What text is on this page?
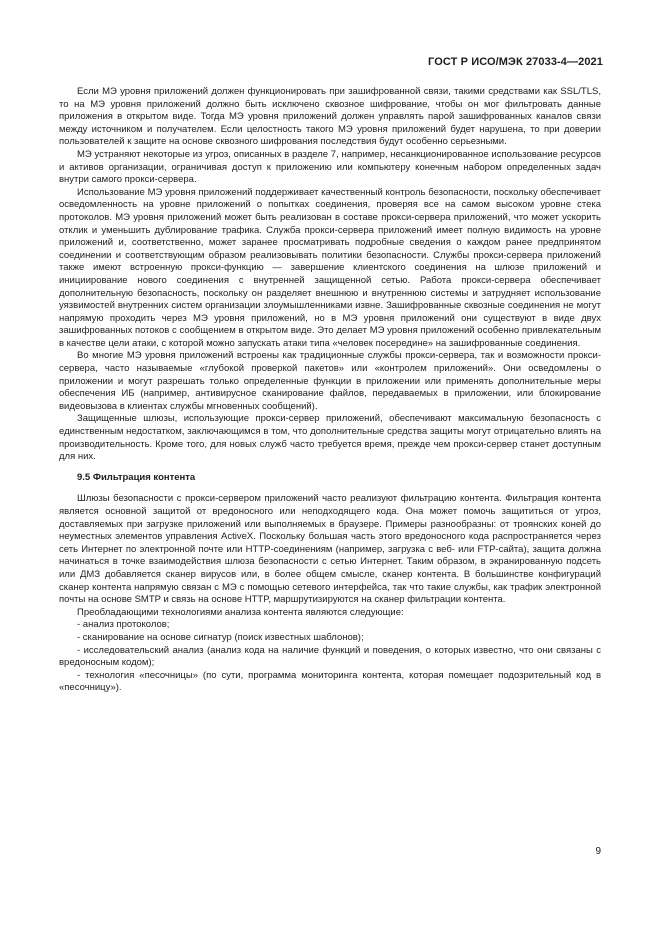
ГОСТ Р ИСО/МЭК 27033-4—2021

Если МЭ уровня приложений должен функционировать при зашифрованной связи, такими средствами как SSL/TLS, то на МЭ уровня приложений должно быть исключено сквозное шифрование, чтобы он мог фильтровать данные приложения в открытом виде. Тогда МЭ уровня приложений должен управлять парой зашифрованных каналов связи между источником и получателем. Если целостность такого МЭ уровня приложений будет нарушена, то при доверии пользователей к защите на основе сквозного шифрования последствия будут особенно серьезными.

МЭ устраняют некоторые из угроз, описанных в разделе 7, например, несанкционированное использование ресурсов и активов организации, ограничивая доступ к приложению или компьютеру конечным набором определенных задач внутри самого прокси-сервера.

Использование МЭ уровня приложений поддерживает качественный контроль безопасности, поскольку обеспечивает осведомленность на уровне приложений о попытках соединения, проверяя все на самом высоком уровне стека протоколов. МЭ уровня приложений может быть реализован в составе прокси-сервера приложений, что может ускорить отклик и уменьшить дублирование трафика. Служба прокси-сервера приложений имеет полную видимость на уровне приложений и, соответственно, может заранее просматривать подробные сведения о каждом ранее предпринятом соединении и соответствующим образом реализовывать политики безопасности. Службы прокси-сервера приложений также имеют встроенную прокси-функцию — завершение клиентского соединения на шлюзе приложений и инициирование нового соединения с внутренней защищенной сетью. Работа прокси-сервера обеспечивает дополнительную безопасность, поскольку он разделяет внешнюю и внутреннюю системы и затрудняет использование уязвимостей внутренних систем организации злоумышленниками извне. Зашифрованные сквозные соединения не могут напрямую проходить через МЭ уровня приложений, но в МЭ уровня приложений они существуют в виде двух зашифрованных потоков с сообщением в открытом виде. Это делает МЭ уровня приложений особенно привлекательным в качестве цели атаки, с которой можно запускать атаки типа «человек посередине» на зашифрованные соединения.

Во многие МЭ уровня приложений встроены как традиционные службы прокси-сервера, так и возможности прокси-сервера, часто называемые «глубокой проверкой пакетов» или «контролем приложений». Они осведомлены о приложении и могут разрешать только определенные функции в приложении или применять дополнительные меры обеспечения ИБ (например, антивирусное сканирование файлов, передаваемых в приложении, или блокирование видеовызова в клиентах службы мгновенных сообщений).

Защищенные шлюзы, использующие прокси-сервер приложений, обеспечивают максимальную безопасность с единственным недостатком, заключающимся в том, что дополнительные средства защиты могут отрицательно влиять на производительность. Кроме того, для новых служб часто требуется время, прежде чем прокси-сервер станет доступным для них.

9.5 Фильтрация контента

Шлюзы безопасности с прокси-сервером приложений часто реализуют фильтрацию контента. Фильтрация контента является основной защитой от вредоносного или неподходящего кода. Она может помочь защититься от угроз, доставляемых при загрузке приложений или выполняемых в браузере. Примеры разнообразны: от троянских коней до неуместных элементов управления ActiveX. Поскольку большая часть этого вредоносного кода распространяется через сеть Интернет по электронной почте или HTTP-соединениям (например, загрузка с веб- или FTP-сайта), защита должна начинаться в точке взаимодействия шлюза безопасности с сетью Интернет. Таким образом, в экранированную подсеть или ДМЗ добавляется сканер вирусов или, в более общем смысле, сканер контента. В большинстве конфигураций сканер контента напрямую связан с МЭ с помощью сетевого интерфейса, так что такие службы, как трафик электронной почты на основе SMTP и связь на основе HTTP, маршрутизируются на сканер фильтрации контента.

Преобладающими технологиями анализа контента являются следующие:

- анализ протоколов;

- сканирование на основе сигнатур (поиск известных шаблонов);

- исследовательский анализ (анализ кода на наличие функций и поведения, о которых известно, что они связаны с вредоносным кодом);

- технология «песочницы» (по сути, программа мониторинга контента, которая помещает подозрительный код в «песочницу»).

9
